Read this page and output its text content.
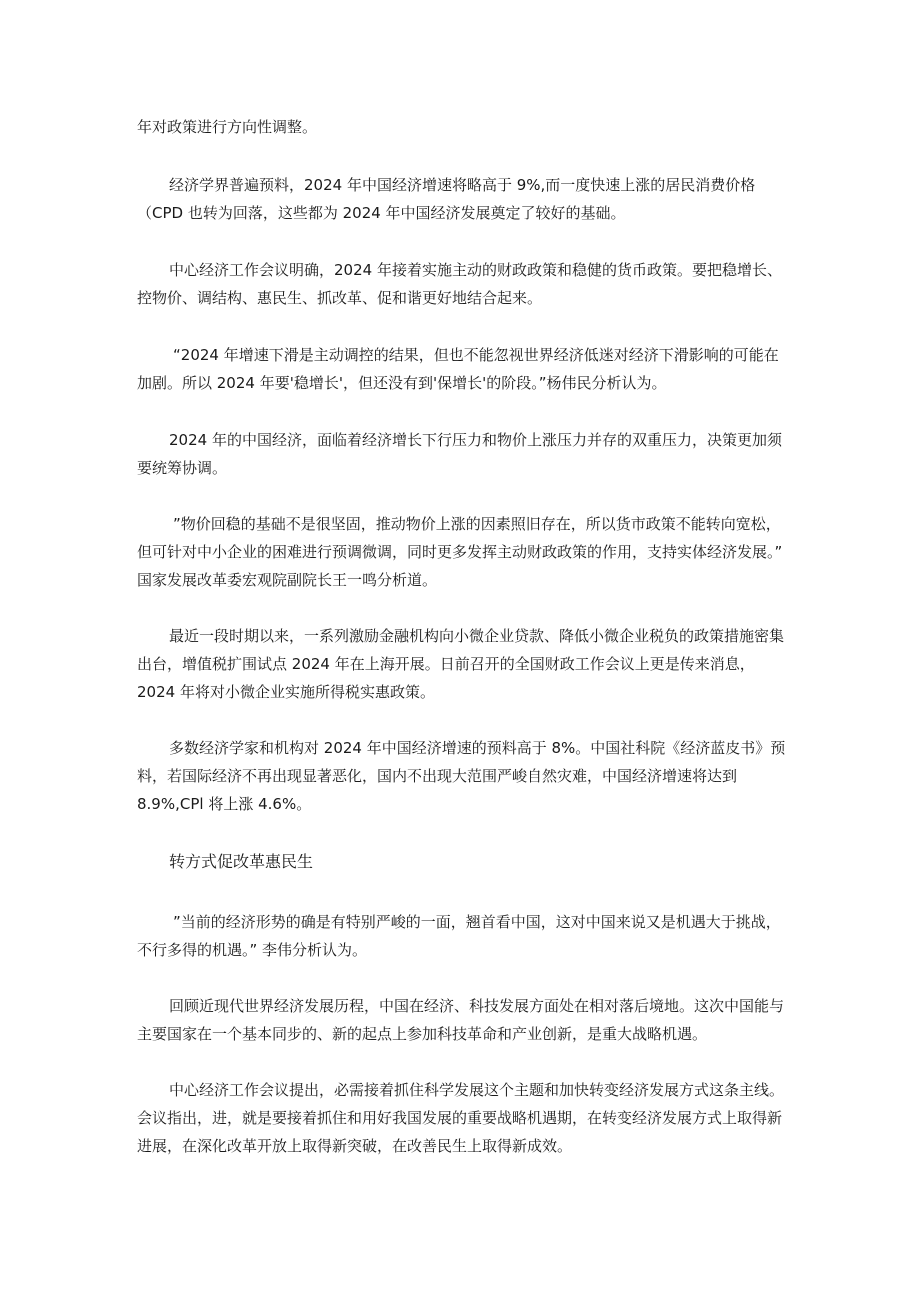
年对政策进行方向性调整。

经济学界普遍预料，2024 年中国经济增速将略高于 9%,而一度快速上涨的居民消费价格（CPD 也转为回落，这些都为 2024 年中国经济发展奠定了较好的基础。

中心经济工作会议明确，2024 年接着实施主动的财政政策和稳健的货币政策。要把稳增长、控物价、调结构、惠民生、抓改革、促和谐更好地结合起来。

“2024 年增速下滑是主动调控的结果，但也不能忽视世界经济低迷对经济下滑影响的可能在加剧。所以 2024 年要'稳增长'，但还没有到'保增长'的阶段。”杨伟民分析认为。

2024 年的中国经济，面临着经济增长下行压力和物价上涨压力并存的双重压力，决策更加须要统筹协调。

”物价回稳的基础不是很坚固，推动物价上涨的因素照旧存在，所以货市政策不能转向宽松，但可针对中小企业的困难进行预调微调，同时更多发挥主动财政政策的作用，支持实体经济发展。” 国家发展改革委宏观院副院长王一鸣分析道。

最近一段时期以来，一系列激励金融机构向小微企业贷款、降低小微企业税负的政策措施密集出台，增值税扩围试点 2024 年在上海开展。日前召开的全国财政工作会议上更是传来消息，2024 年将对小微企业实施所得税实惠政策。

多数经济学家和机构对 2024 年中国经济增速的预料高于 8%。中国社科院《经济蓝皮书》预料，若国际经济不再出现显著恶化，国内不出现大范围严峻自然灾难，中国经济增速将达到 8.9%,CPl 将上涨 4.6%。

转方式促改革惠民生

”当前的经济形势的确是有特别严峻的一面，翘首看中国，这对中国来说又是机遇大于挑战，不行多得的机遇。” 李伟分析认为。

回顾近现代世界经济发展历程，中国在经济、科技发展方面处在相对落后境地。这次中国能与主要国家在一个基本同步的、新的起点上参加科技革命和产业创新，是重大战略机遇。

中心经济工作会议提出，必需接着抓住科学发展这个主题和加快转变经济发展方式这条主线。会议指出，进，就是要接着抓住和用好我国发展的重要战略机遇期，在转变经济发展方式上取得新进展，在深化改革开放上取得新突破，在改善民生上取得新成效。
